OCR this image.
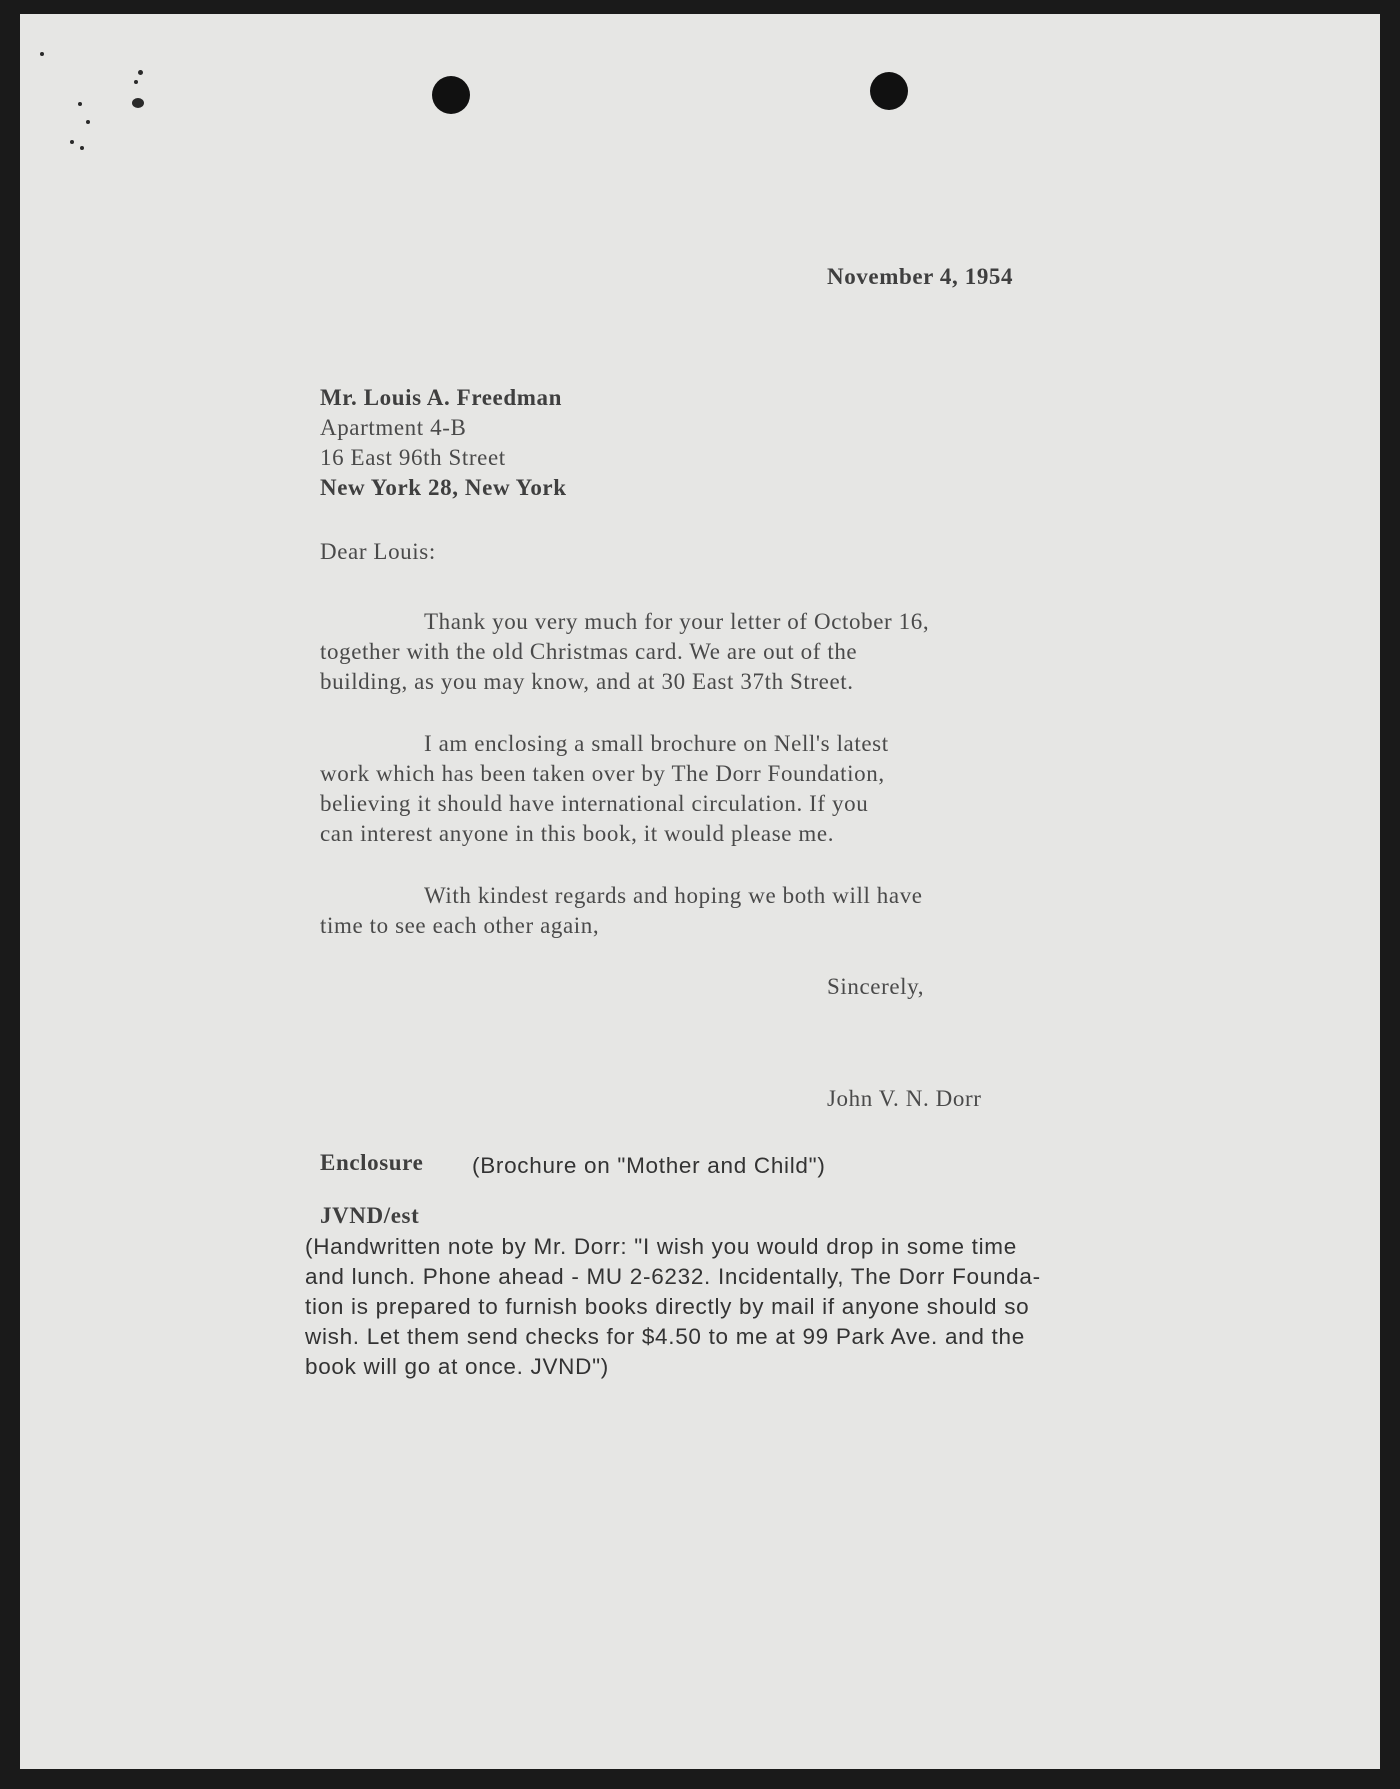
November 4, 1954
Mr. Louis A. Freedman
Apartment 4-B
16 East 96th Street
New York 28, New York
Dear Louis:
Thank you very much for your letter of October 16,
together with the old Christmas card. We are out of the
building, as you may know, and at 30 East 37th Street.
I am enclosing a small brochure on Nell's latest
work which has been taken over by The Dorr Foundation,
believing it should have international circulation. If you
can interest anyone in this book, it would please me.
With kindest regards and hoping we both will have
time to see each other again,
Sincerely,
John V. N. Dorr
Enclosure (Brochure on "Mother and Child")
JVND/est
(Handwritten note by Mr. Dorr: "I wish you would drop in some time
and lunch. Phone ahead - MU 2-6232. Incidentally, The Dorr Founda-
tion is prepared to furnish books directly by mail if anyone should so
wish. Let them send checks for $4.50 to me at 99 Park Ave. and the
book will go at once. JVND")
